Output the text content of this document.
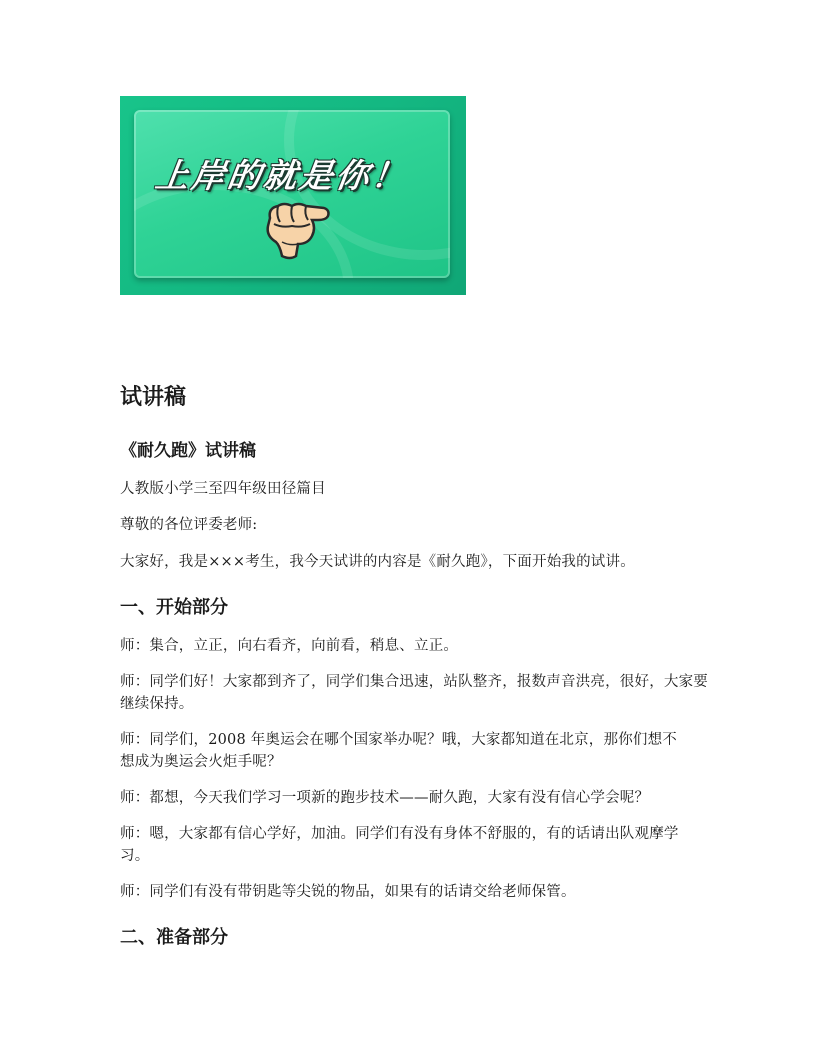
上岸的就是你！
试讲稿
《耐久跑》试讲稿
人教版小学三至四年级田径篇目
尊敬的各位评委老师:
大家好，我是×××考生，我今天试讲的内容是《耐久跑》，下面开始我的试讲。
一、开始部分
师：集合，立正，向右看齐，向前看，稍息、立正。
师：同学们好！大家都到齐了，同学们集合迅速，站队整齐，报数声音洪亮，很好，大家要继续保持。
师：同学们，2008 年奥运会在哪个国家举办呢？哦，大家都知道在北京，那你们想不想成为奥运会火炬手呢？
师：都想，今天我们学习一项新的跑步技术——耐久跑，大家有没有信心学会呢？
师：嗯，大家都有信心学好，加油。同学们有没有身体不舒服的，有的话请出队观摩学习。
师：同学们有没有带钥匙等尖锐的物品，如果有的话请交给老师保管。
二、准备部分
